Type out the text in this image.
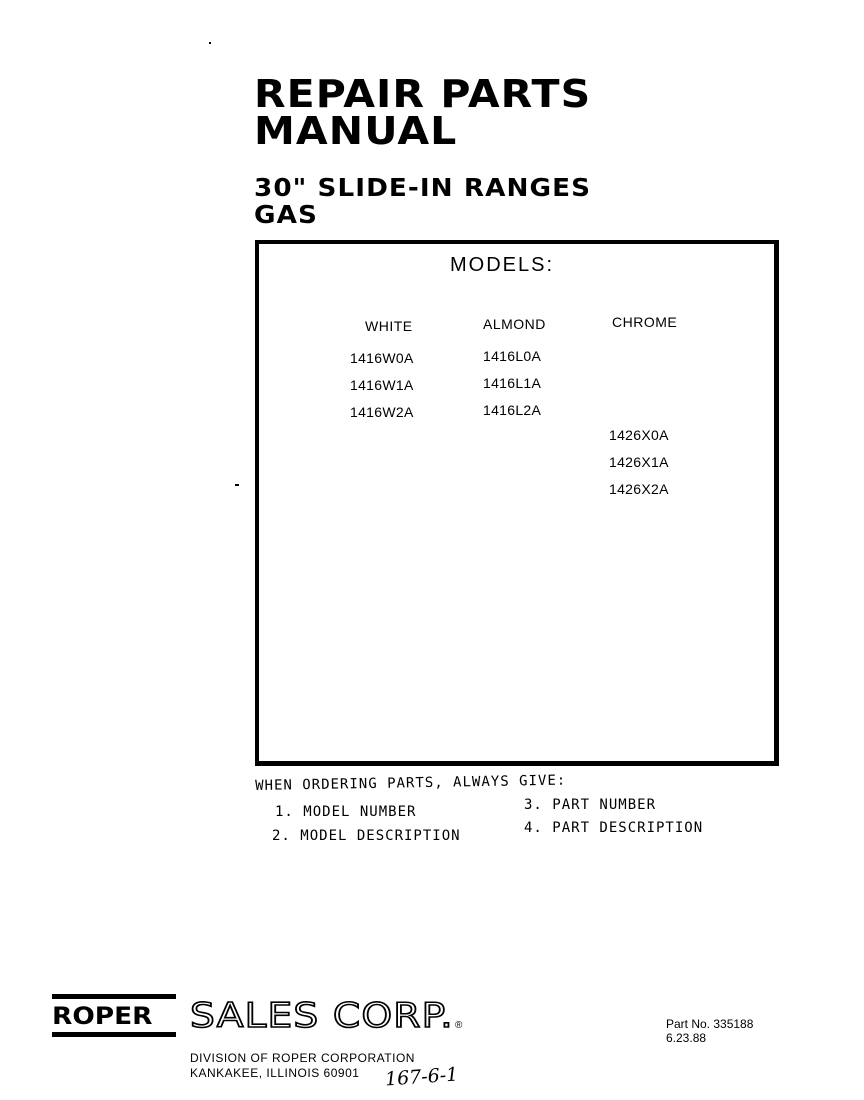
REPAIR PARTS
MANUAL
30" SLIDE-IN RANGES
GAS
MODELS:
WHITE	ALMOND	CHROME
1416W0A
1416W1A
1416W2A
1416L0A
1416L1A
1416L2A
1426X0A
1426X1A
1426X2A
WHEN ORDERING PARTS, ALWAYS GIVE:
1. MODEL NUMBER
2. MODEL DESCRIPTION
3. PART NUMBER
4. PART DESCRIPTION
ROPER SALES CORP. ®
DIVISION OF ROPER CORPORATION
KANKAKEE, ILLINOIS 60901 167-6-1
Part No. 335188
6.23.88
